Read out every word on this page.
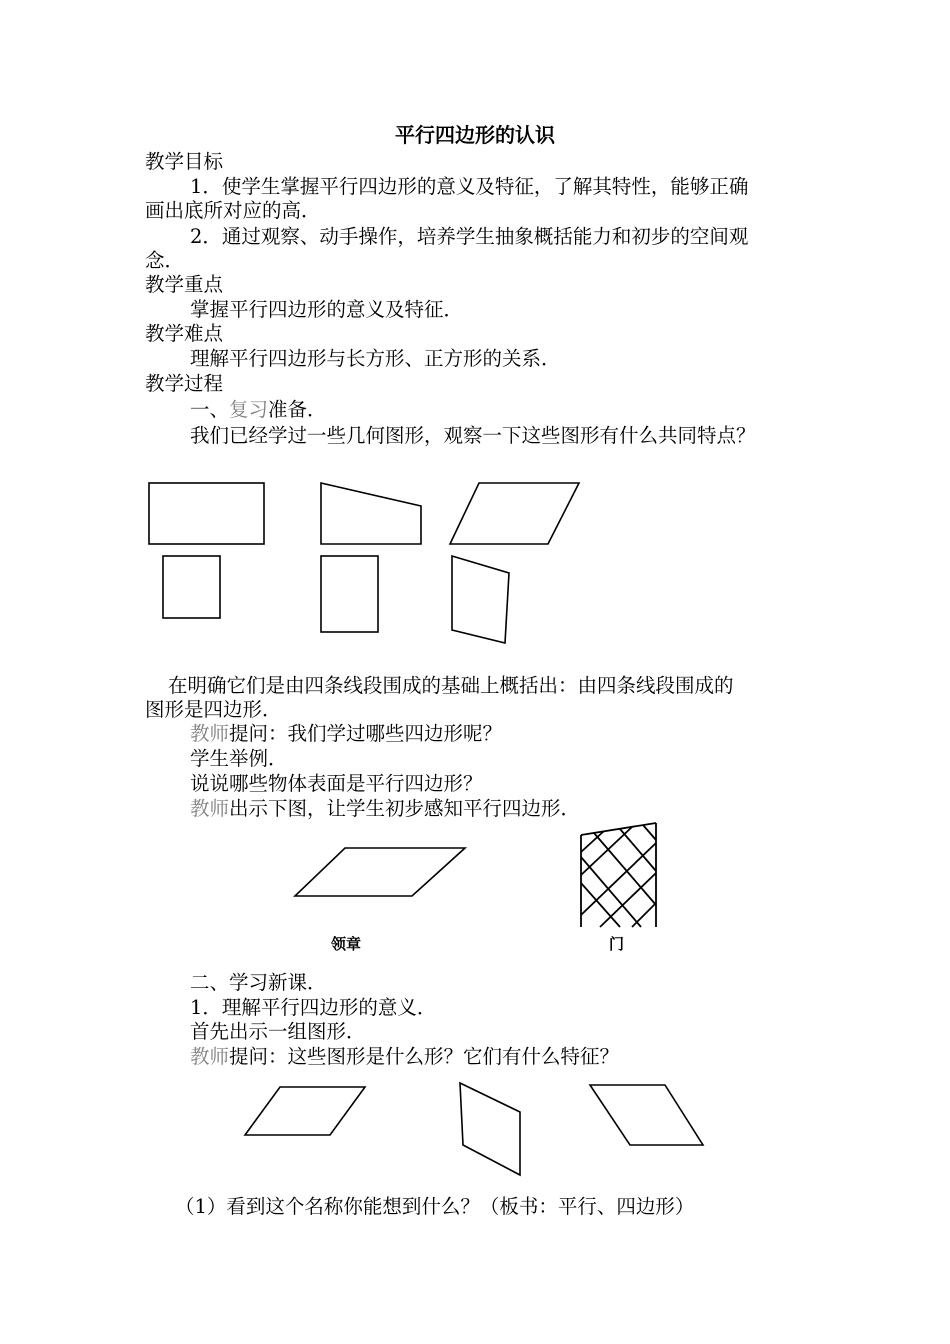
平行四边形的认识
教学目标
1．使学生掌握平行四边形的意义及特征，了解其特性，能够正确
画出底所对应的高．
2．通过观察、动手操作，培养学生抽象概括能力和初步的空间观
念．
教学重点
掌握平行四边形的意义及特征．
教学难点
理解平行四边形与长方形、正方形的关系．
教学过程
一、复习准备．
我们已经学过一些几何图形，观察一下这些图形有什么共同特点？
在明确它们是由四条线段围成的基础上概括出：由四条线段围成的
图形是四边形．
教师提问：我们学过哪些四边形呢？
学生举例．
说说哪些物体表面是平行四边形？
教师出示下图，让学生初步感知平行四边形．
领章	门
二、学习新课．
1．理解平行四边形的意义．
首先出示一组图形．
教师提问：这些图形是什么形？它们有什么特征？
（1）看到这个名称你能想到什么？（板书：平行、四边形）
